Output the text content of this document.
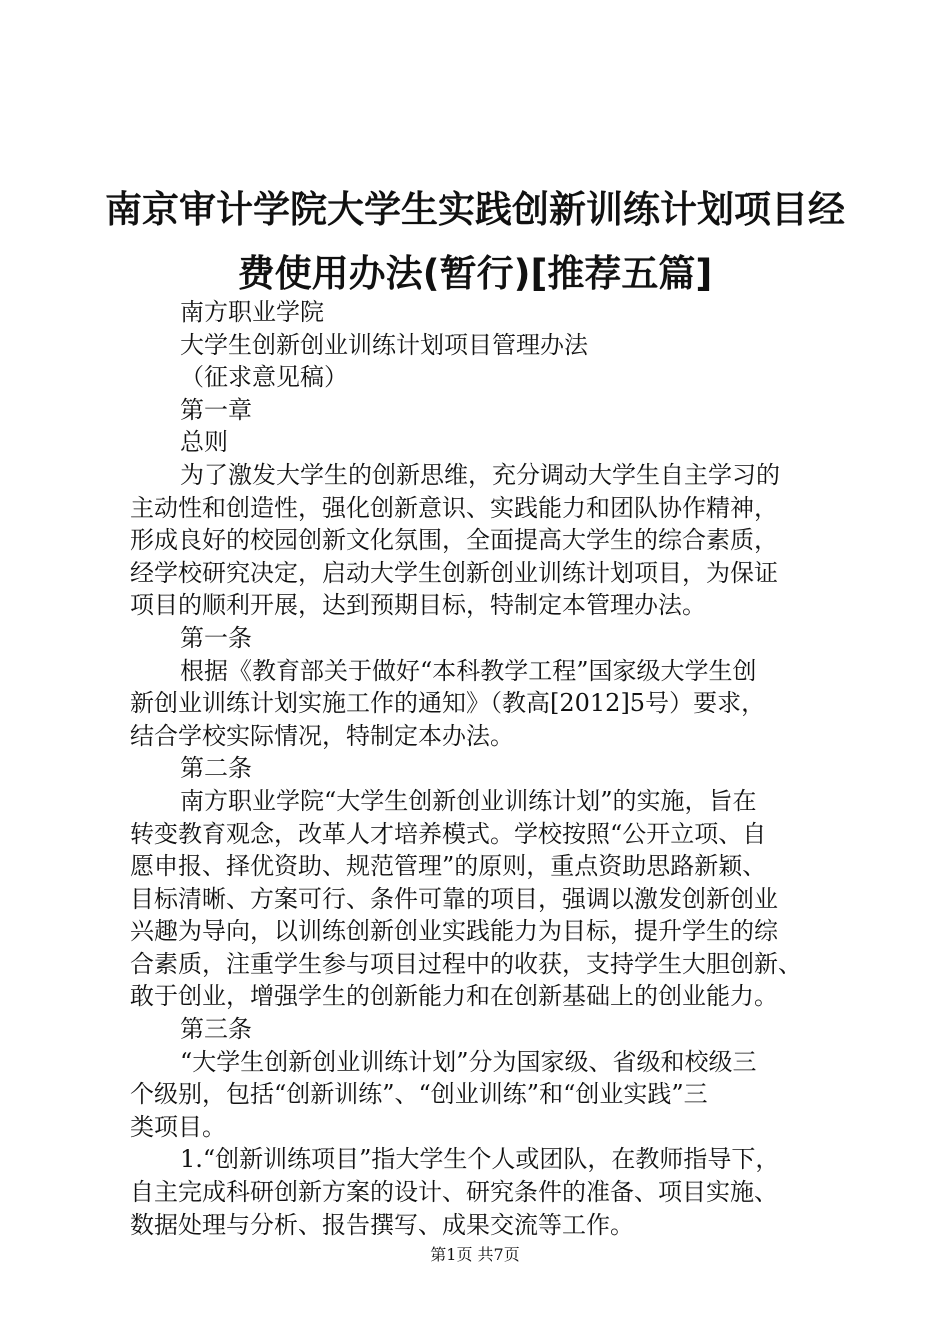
南京审计学院大学生实践创新训练计划项目经
费使用办法(暂行)[推荐五篇]
南方职业学院
大学生创新创业训练计划项目管理办法
（征求意见稿）
第一章
总则
为了激发大学生的创新思维，充分调动大学生自主学习的
主动性和创造性，强化创新意识、实践能力和团队协作精神，
形成良好的校园创新文化氛围，全面提高大学生的综合素质，
经学校研究决定，启动大学生创新创业训练计划项目，为保证
项目的顺利开展，达到预期目标，特制定本管理办法。
第一条
根据《教育部关于做好“本科教学工程”国家级大学生创
新创业训练计划实施工作的通知》（教高[2012]5号）要求，
结合学校实际情况，特制定本办法。
第二条
南方职业学院“大学生创新创业训练计划”的实施，旨在
转变教育观念，改革人才培养模式。学校按照“公开立项、自
愿申报、择优资助、规范管理”的原则，重点资助思路新颖、
目标清晰、方案可行、条件可靠的项目，强调以激发创新创业
兴趣为导向，以训练创新创业实践能力为目标，提升学生的综
合素质，注重学生参与项目过程中的收获，支持学生大胆创新、
敢于创业，增强学生的创新能力和在创新基础上的创业能力。
第三条
“大学生创新创业训练计划”分为国家级、省级和校级三
个级别，包括“创新训练”、“创业训练”和“创业实践”三
类项目。
1.“创新训练项目”指大学生个人或团队，在教师指导下，
自主完成科研创新方案的设计、研究条件的准备、项目实施、
数据处理与分析、报告撰写、成果交流等工作。
第1页 共7页
